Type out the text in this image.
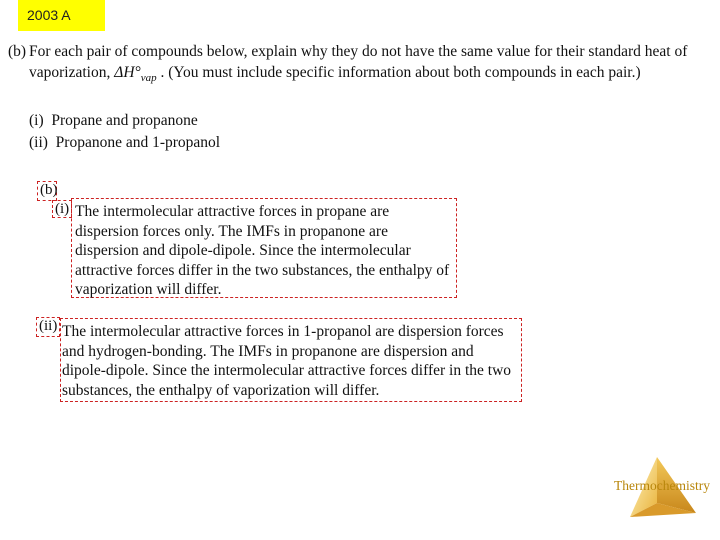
2003 A
(b) For each pair of compounds below, explain why they do not have the same value for their standard heat of vaporization, $\Delta H^\circ_{vap}$ . (You must include specific information about both compounds in each pair.)
(i)  Propane and propanone
(ii)  Propanone and 1-propanol
(b)
(i) The intermolecular attractive forces in propane are dispersion forces only. The IMFs in propanone are dispersion and dipole-dipole. Since the intermolecular attractive forces differ in the two substances, the enthalpy of vaporization will differ.
(ii) The intermolecular attractive forces in 1-propanol are dispersion forces and hydrogen-bonding. The IMFs in propanone are dispersion and dipole-dipole. Since the intermolecular attractive forces differ in the two substances, the enthalpy of vaporization will differ.
Thermochemistry
